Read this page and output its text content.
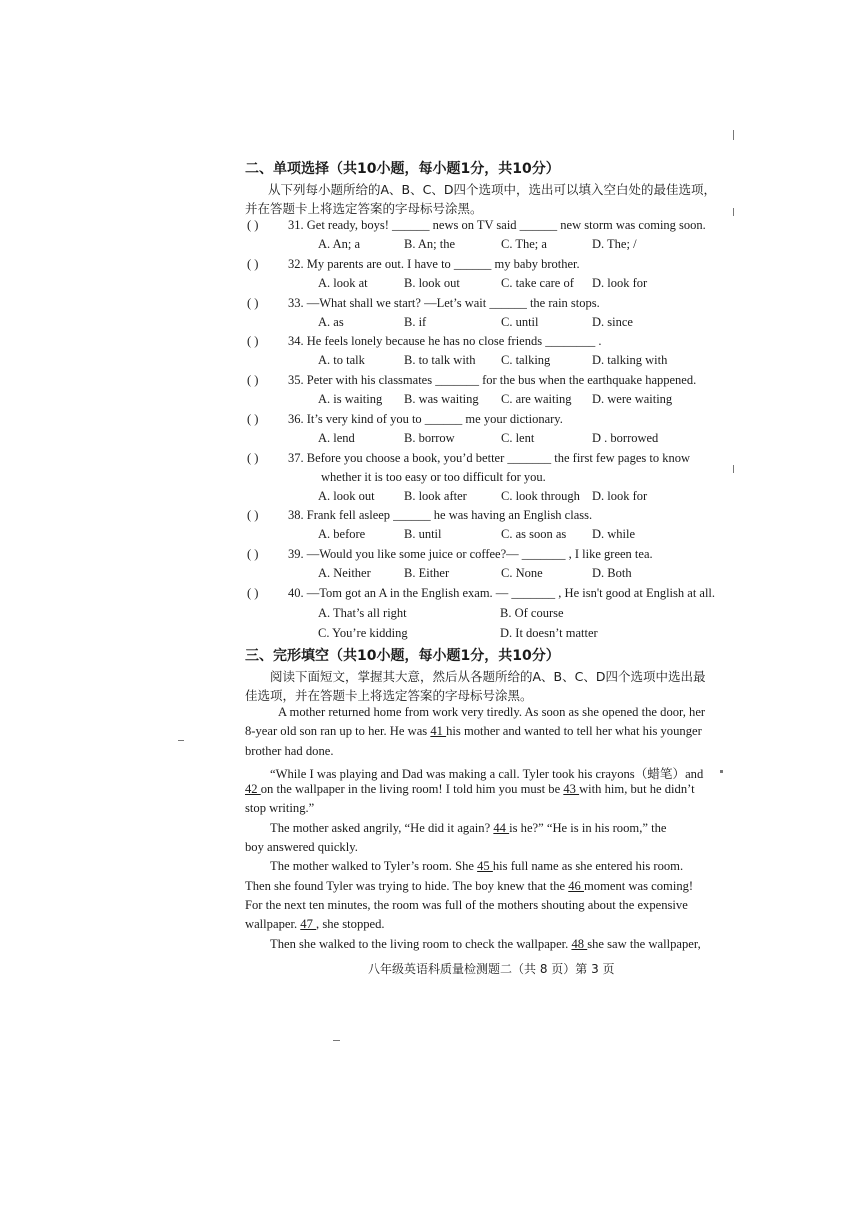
二、单项选择（共10小题，每小题1分，共10分）
从下列每小题所给的A、B、C、D四个选项中，选出可以填入空白处的最佳选项，
并在答题卡上将选定答案的字母标号涂黑。
( ) 31. Get ready, boys! ______ news on TV said ______ new storm was coming soon.
A. An; a	B. An; the	C. The; a	D. The; /
( ) 32. My parents are out. I have to ______ my baby brother.
A. look at	B. look out	C. take care of D. look for
( ) 33. —What shall we start? —Let’s wait ______ the rain stops.
A. as	B. if	C. until	D. since
( ) 34. He feels lonely because he has no close friends ________ .
A. to talk	B. to talk with C. talking	D. talking with
( ) 35. Peter with his classmates _______ for the bus when the earthquake happened.
A. is waiting B. was waiting C. are waiting D. were waiting
( ) 36. It’s very kind of you to ______ me your dictionary.
A. lend	B. borrow	C. lent	D . borrowed
( ) 37. Before you choose a book, you’d better _______ the first few pages to know
whether it is too easy or too difficult for you.
A. look out B. look after	C. look through D. look for
( ) 38. Frank fell asleep ______ he was having an English class.
A. before	B. until	C. as soon as D. while
( ) 39. —Would you like some juice or coffee?— _______ , I like green tea.
A. Neither	B. Either	C. None	D. Both
( ) 40. —Tom got an A in the English exam. — _______ , He isn't good at English at all.
A. That’s all right	B. Of course
C. You’re kidding	D. It doesn’t matter
三、完形填空（共10小题，每小题1分，共10分）
阅读下面短文，掌握其大意，然后从各题所给的A、B、C、D四个选项中选出最
佳选项，并在答题卡上将选定答案的字母标号涂黑。
A mother returned home from work very tiredly. As soon as she opened the door, her
8-year old son ran up to her. He was 41 his mother and wanted to tell her what his younger
brother had done.
“While I was playing and Dad was making a call. Tyler took his crayons（蜡笔）and
42 on the wallpaper in the living room! I told him you must be 43 with him, but he didn’t
stop writing.”
The mother asked angrily, “He did it again? 44 is he?” “He is in his room,” the
boy answered quickly.
The mother walked to Tyler’s room. She 45 his full name as she entered his room.
Then she found Tyler was trying to hide. The boy knew that the 46 moment was coming!
For the next ten minutes, the room was full of the mothers shouting about the expensive
wallpaper. 47 , she stopped.
Then she walked to the living room to check the wallpaper. 48 she saw the wallpaper,
八年级英语科质量检测题二（共 8 页）第 3 页
